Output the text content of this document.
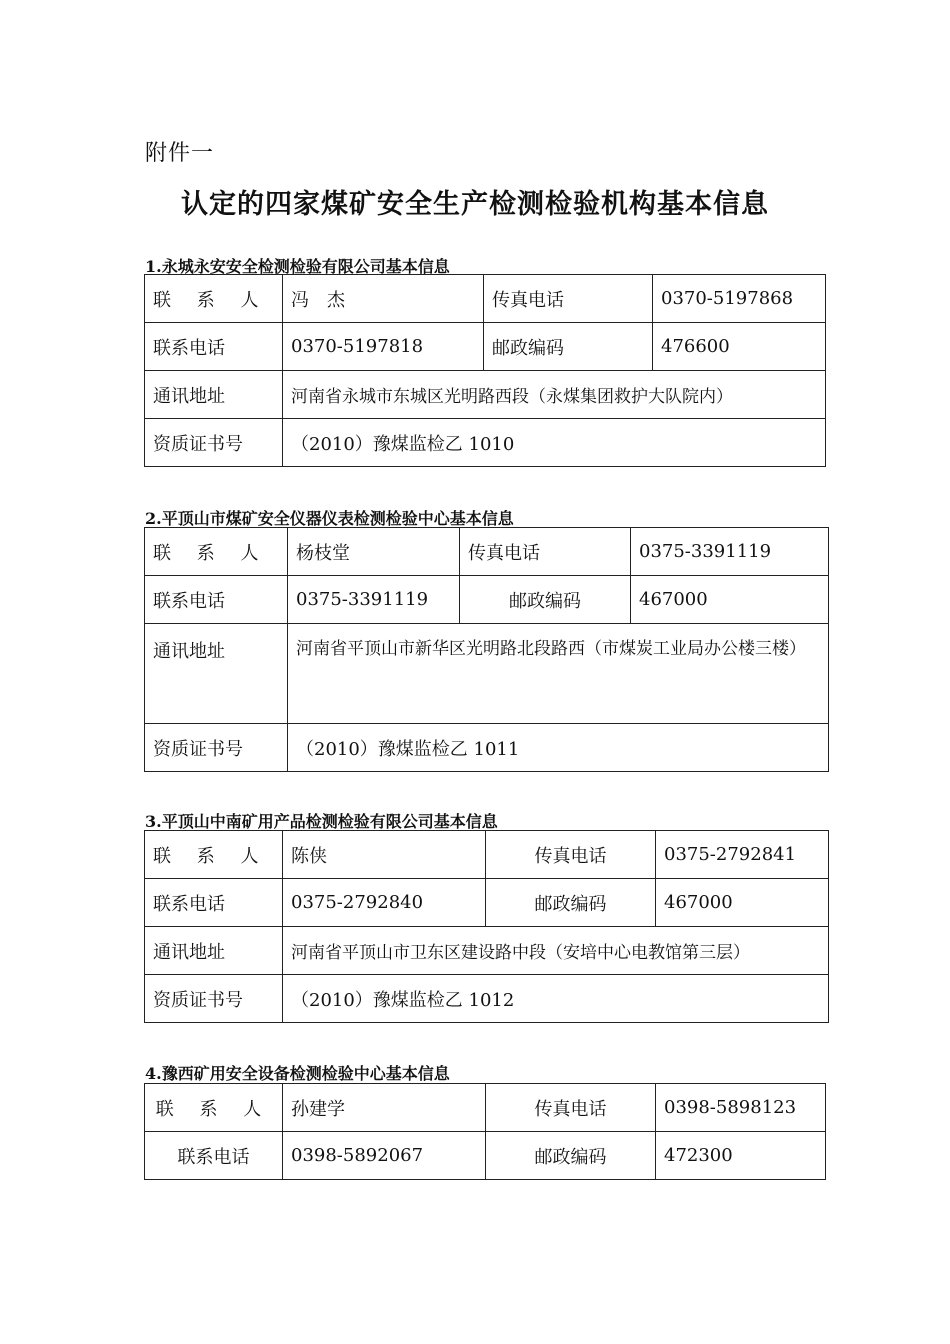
附件一
认定的四家煤矿安全生产检测检验机构基本信息
1.永城永安安全检测检验有限公司基本信息
联 系 人	冯　杰	传真电话	0370-5197868
联系电话	0370-5197818	邮政编码	476600
通讯地址	河南省永城市东城区光明路西段（永煤集团救护大队院内）		
资质证书号	（2010）豫煤监检乙 1010		
2.平顶山市煤矿安全仪器仪表检测检验中心基本信息
联 系 人	杨枝堂	传真电话	0375-3391119
联系电话	0375-3391119	邮政编码	467000
通讯地址	河南省平顶山市新华区光明路北段路西（市煤炭工业局办公楼三楼）		
资质证书号	（2010）豫煤监检乙 1011		
3.平顶山中南矿用产品检测检验有限公司基本信息
联 系 人	陈侠	传真电话	0375-2792841
联系电话	0375-2792840	邮政编码	467000
通讯地址	河南省平顶山市卫东区建设路中段（安培中心电教馆第三层）		
资质证书号	（2010）豫煤监检乙 1012		
4.豫西矿用安全设备检测检验中心基本信息
联 系 人	孙建学	传真电话	0398-5898123
联系电话	0398-5892067	邮政编码	472300
